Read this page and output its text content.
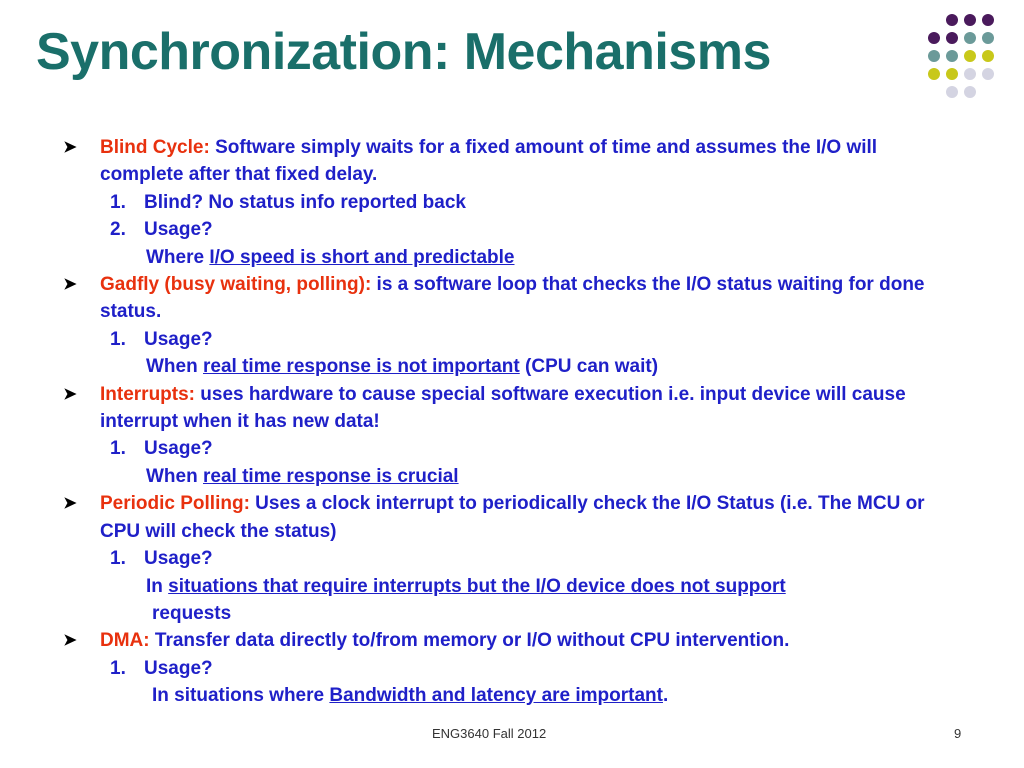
Synchronization: Mechanisms
➤ Blind Cycle: Software simply waits for a fixed amount of time and assumes the I/O will complete after that fixed delay.
1. Blind? No status info reported back
2. Usage?
Where I/O speed is short and predictable
➤ Gadfly (busy waiting, polling): is a software loop that checks the I/O status waiting for done status.
1. Usage?
When real time response is not important (CPU can wait)
➤ Interrupts: uses hardware to cause special software execution i.e. input device will cause interrupt when it has new data!
1. Usage?
When real time response is crucial
➤ Periodic Polling: Uses a clock interrupt to periodically check the I/O Status (i.e. The MCU or CPU will check the status)
1. Usage?
In situations that require interrupts but the I/O device does not support
requests
➤ DMA: Transfer data directly to/from memory or I/O without CPU intervention.
1. Usage?
In situations where Bandwidth and latency are important.
ENG3640 Fall 2012	9
